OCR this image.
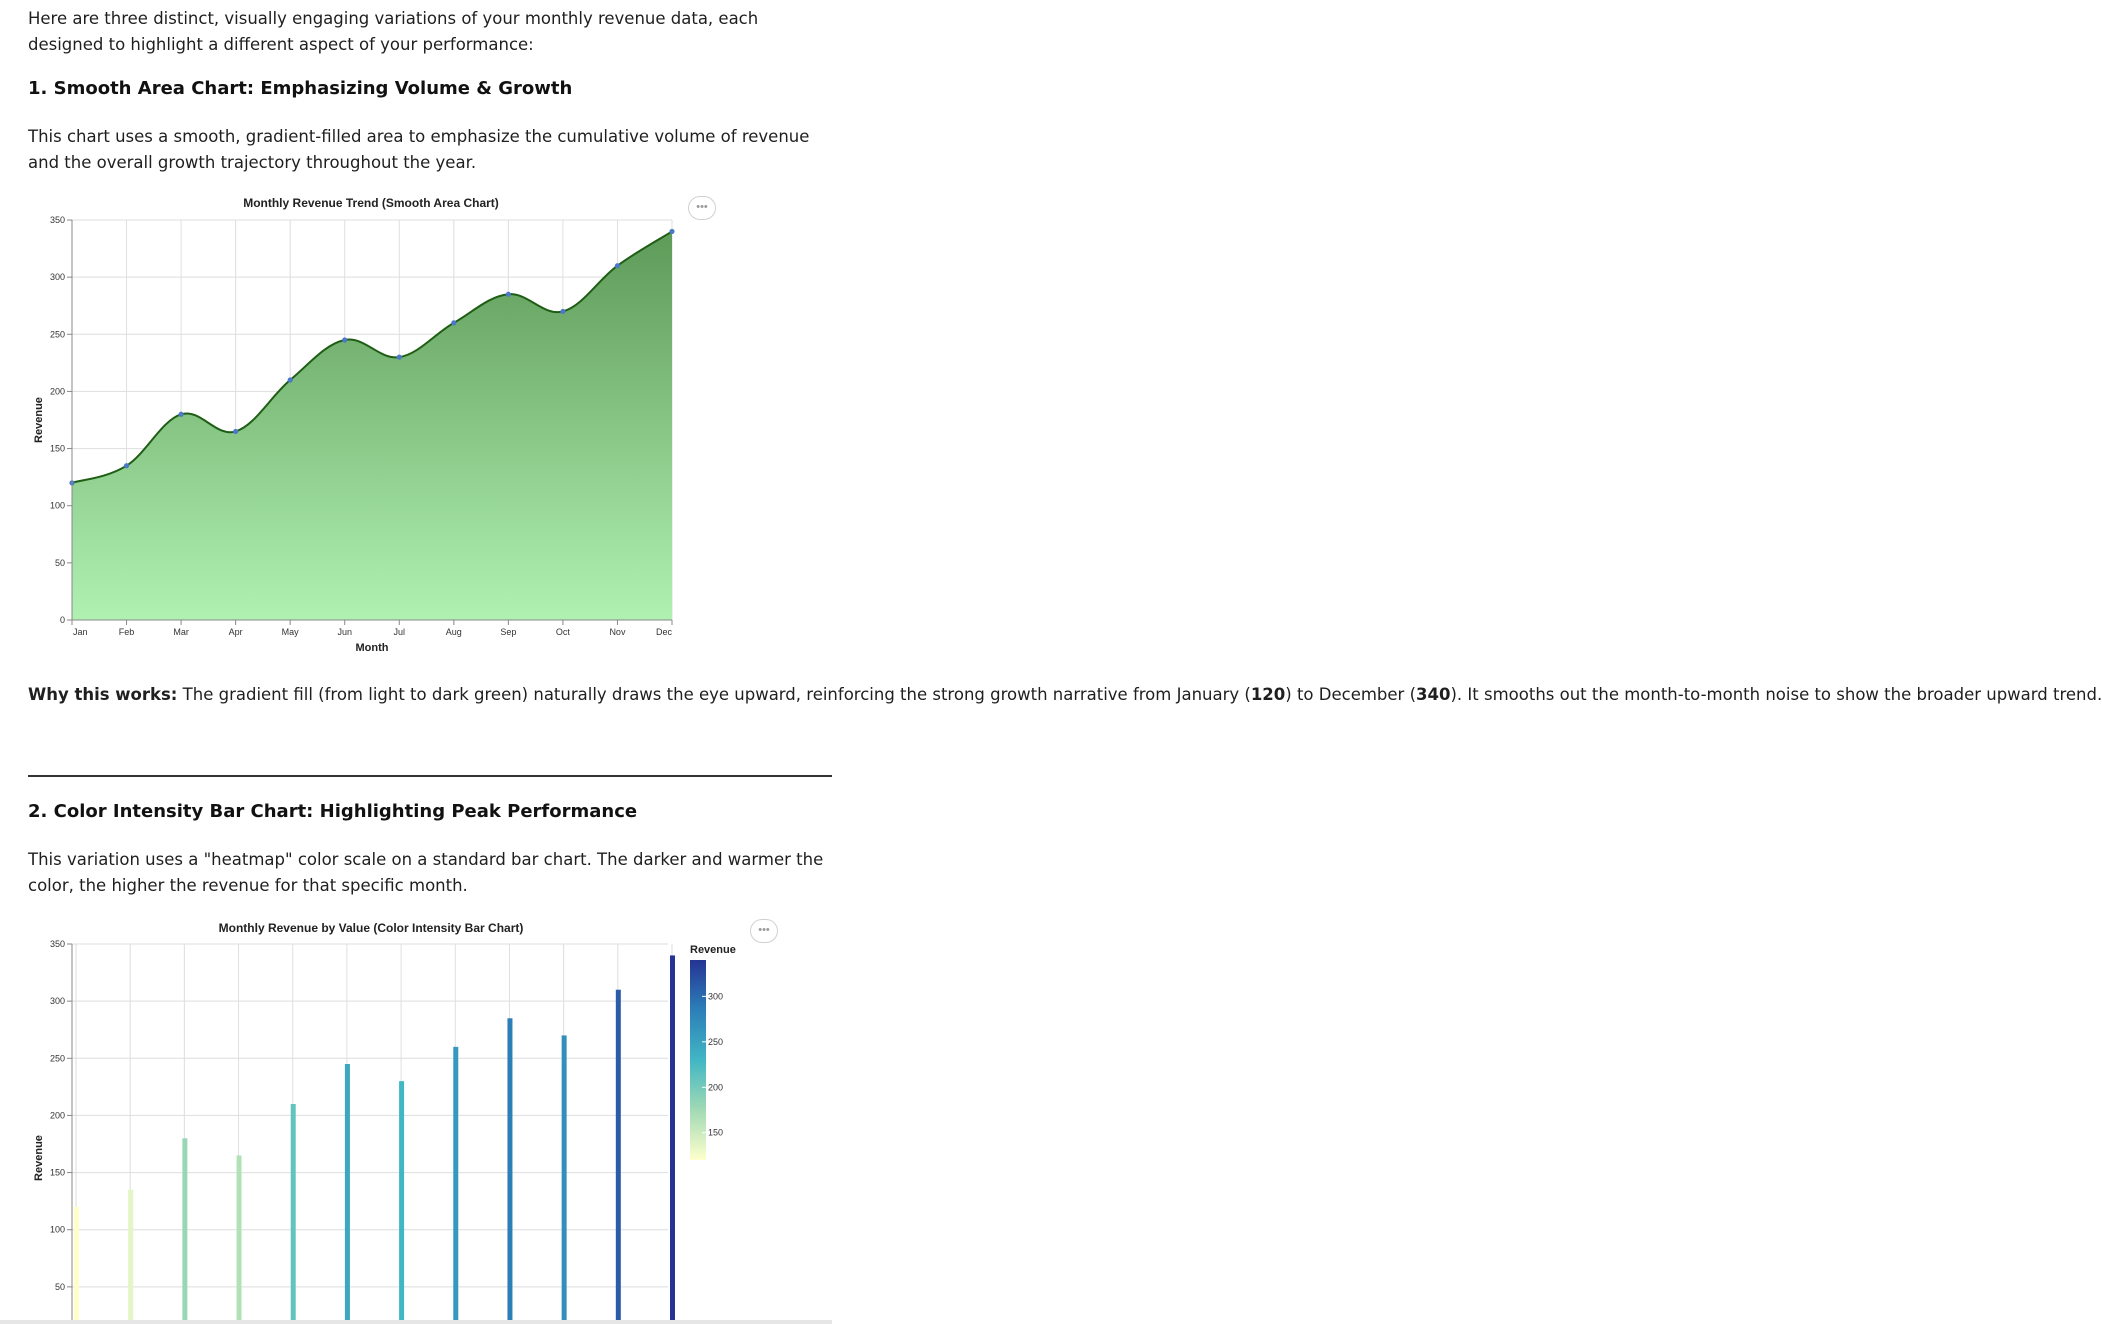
Here are three distinct, visually engaging variations of your monthly revenue data, each designed to highlight a different aspect of your performance:
1. Smooth Area Chart: Emphasizing Volume & Growth
This chart uses a smooth, gradient-filled area to emphasize the cumulative volume of revenue and the overall growth trajectory throughout the year.
Monthly Revenue Trend (Smooth Area Chart)
0
50
100
150
200
250
300
350
Jan	Feb	Mar	Apr	May	Jun	Jul	Aug	Sep	Oct	Nov	Dec
Revenue
Month
•••
Why this works: The gradient fill (from light to dark green) naturally draws the eye upward, reinforcing the strong growth narrative from January (120) to December (340). It smooths out the month-to-month noise to show the broader upward trend.
2. Color Intensity Bar Chart: Highlighting Peak Performance
This variation uses a "heatmap" color scale on a standard bar chart. The darker and warmer the color, the higher the revenue for that specific month.
Monthly Revenue by Value (Color Intensity Bar Chart)
50
100
150
200
250
300
350
Revenue
Revenue
300
250
200
150
•••
